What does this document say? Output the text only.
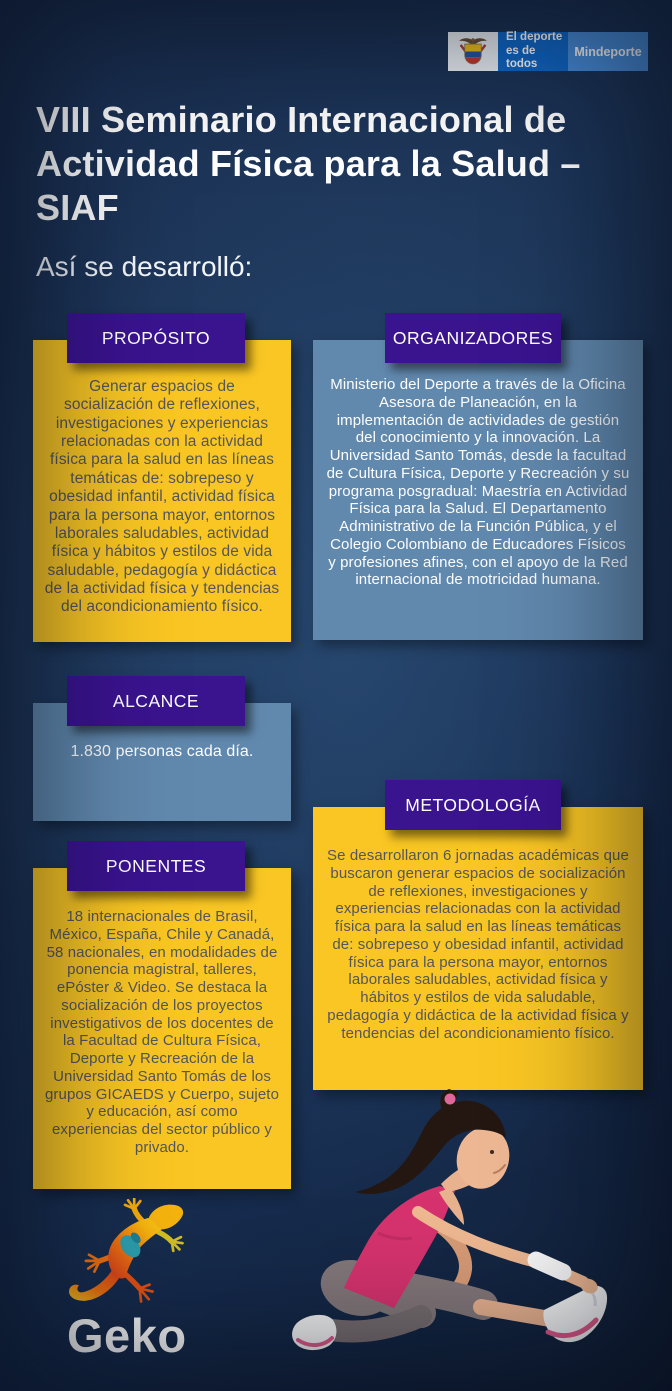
El deporte
es de todos
Mindeporte
VIII Seminario Internacional de Actividad Física para la Salud – SIAF
Así se desarrolló:
PROPÓSITO
Generar espacios de socialización de reflexiones, investigaciones y experiencias relacionadas con la actividad física para la salud en las líneas temáticas de: sobrepeso y obesidad infantil, actividad física para la persona mayor, entornos laborales saludables, actividad física y hábitos y estilos de vida saludable, pedagogía y didáctica de la actividad física y tendencias del acondicionamiento físico.
ORGANIZADORES
Ministerio del Deporte a través de la Oficina Asesora de Planeación, en la implementación de actividades de gestión del conocimiento y la innovación. La Universidad Santo Tomás, desde la facultad de Cultura Física, Deporte y Recreación y su programa posgradual: Maestría en Actividad Física para la Salud. El Departamento Administrativo de la Función Pública, y el Colegio Colombiano de Educadores Físicos y profesiones afines, con el apoyo de la Red internacional de motricidad humana.
ALCANCE
1.830 personas cada día.
METODOLOGÍA
Se desarrollaron 6 jornadas académicas que buscaron generar espacios de socialización de reflexiones, investigaciones y experiencias relacionadas con la actividad física para la salud en las líneas temáticas de: sobrepeso y obesidad infantil, actividad física para la persona mayor, entornos laborales saludables, actividad física y hábitos y estilos de vida saludable, pedagogía y didáctica de la actividad física y tendencias del acondicionamiento físico.
PONENTES
18 internacionales de Brasil, México, España, Chile y Canadá, 58 nacionales, en modalidades de ponencia magistral, talleres, ePóster & Video. Se destaca la socialización de los proyectos investigativos de los docentes de la Facultad de Cultura Física, Deporte y Recreación de la Universidad Santo Tomás de los grupos GICAEDS y Cuerpo, sujeto y educación, así como experiencias del sector público y privado.
Geko
